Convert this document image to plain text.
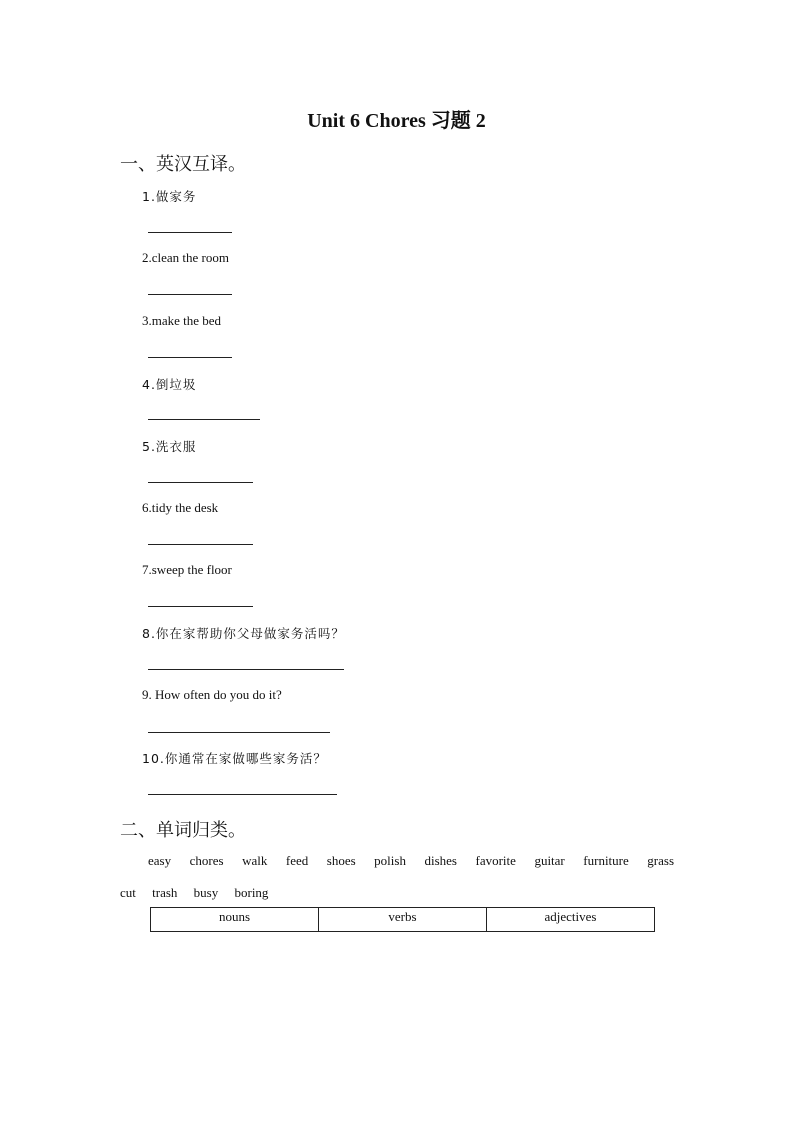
Unit 6 Chores 习题 2
一、英汉互译。
1.做家务
2.clean the room
3.make the bed
4.倒垃圾
5.洗衣服
6.tidy the desk
7.sweep the floor
8.你在家帮助你父母做家务活吗？
9. How often do you do it?
10.你通常在家做哪些家务活？
二、单词归类。
easy chores walk feed shoes polish dishes favorite guitar furniture grass
cut trash busy boring
nouns	verbs	adjectives
